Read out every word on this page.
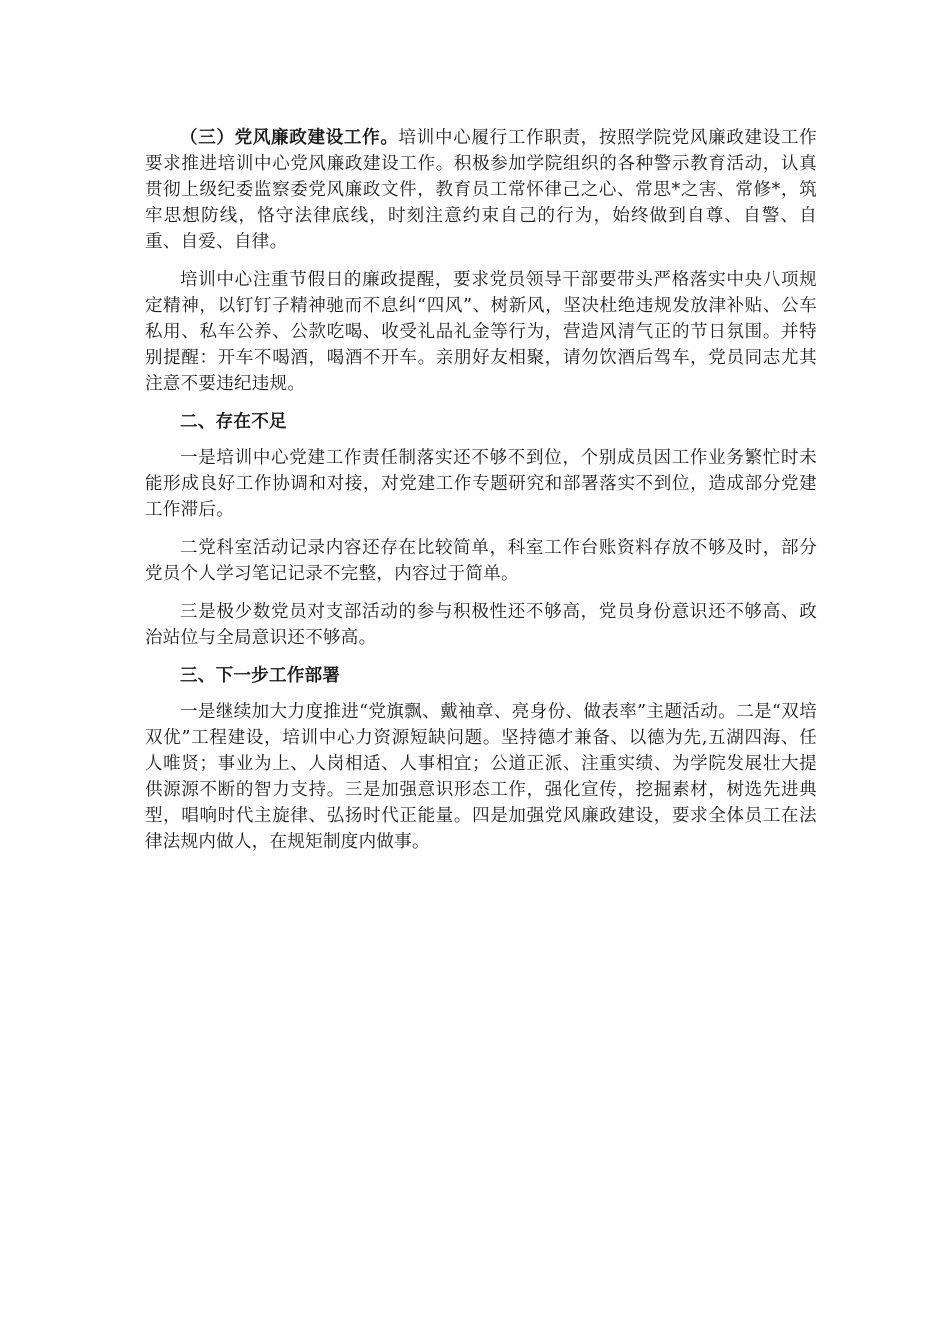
（三）党风廉政建设工作。培训中心履行工作职责，按照学院党风廉政建设工作要求推进培训中心党风廉政建设工作。积极参加学院组织的各种警示教育活动，认真贯彻上级纪委监察委党风廉政文件，教育员工常怀律己之心、常思*之害、常修*，筑牢思想防线，恪守法律底线，时刻注意约束自己的行为，始终做到自尊、自警、自重、自爱、自律。

培训中心注重节假日的廉政提醒，要求党员领导干部要带头严格落实中央八项规定精神，以钉钉子精神驰而不息纠“四风”、树新风，坚决杜绝违规发放津补贴、公车私用、私车公养、公款吃喝、收受礼品礼金等行为，营造风清气正的节日氛围。并特别提醒：开车不喝酒，喝酒不开车。亲朋好友相聚，请勿饮酒后驾车，党员同志尤其注意不要违纪违规。

二、存在不足

一是培训中心党建工作责任制落实还不够不到位，个别成员因工作业务繁忙时未能形成良好工作协调和对接，对党建工作专题研究和部署落实不到位，造成部分党建工作滞后。

二党科室活动记录内容还存在比较简单，科室工作台账资料存放不够及时，部分党员个人学习笔记记录不完整，内容过于简单。

三是极少数党员对支部活动的参与积极性还不够高，党员身份意识还不够高、政治站位与全局意识还不够高。

三、下一步工作部署

一是继续加大力度推进“党旗飘、戴袖章、亮身份、做表率”主题活动。二是“双培双优”工程建设，培训中心力资源短缺问题。坚持德才兼备、以德为先,五湖四海、任人唯贤；事业为上、人岗相适、人事相宜；公道正派、注重实绩、为学院发展壮大提供源源不断的智力支持。三是加强意识形态工作，强化宣传，挖掘素材，树选先进典型，唱响时代主旋律、弘扬时代正能量。四是加强党风廉政建设，要求全体员工在法律法规内做人，在规矩制度内做事。
